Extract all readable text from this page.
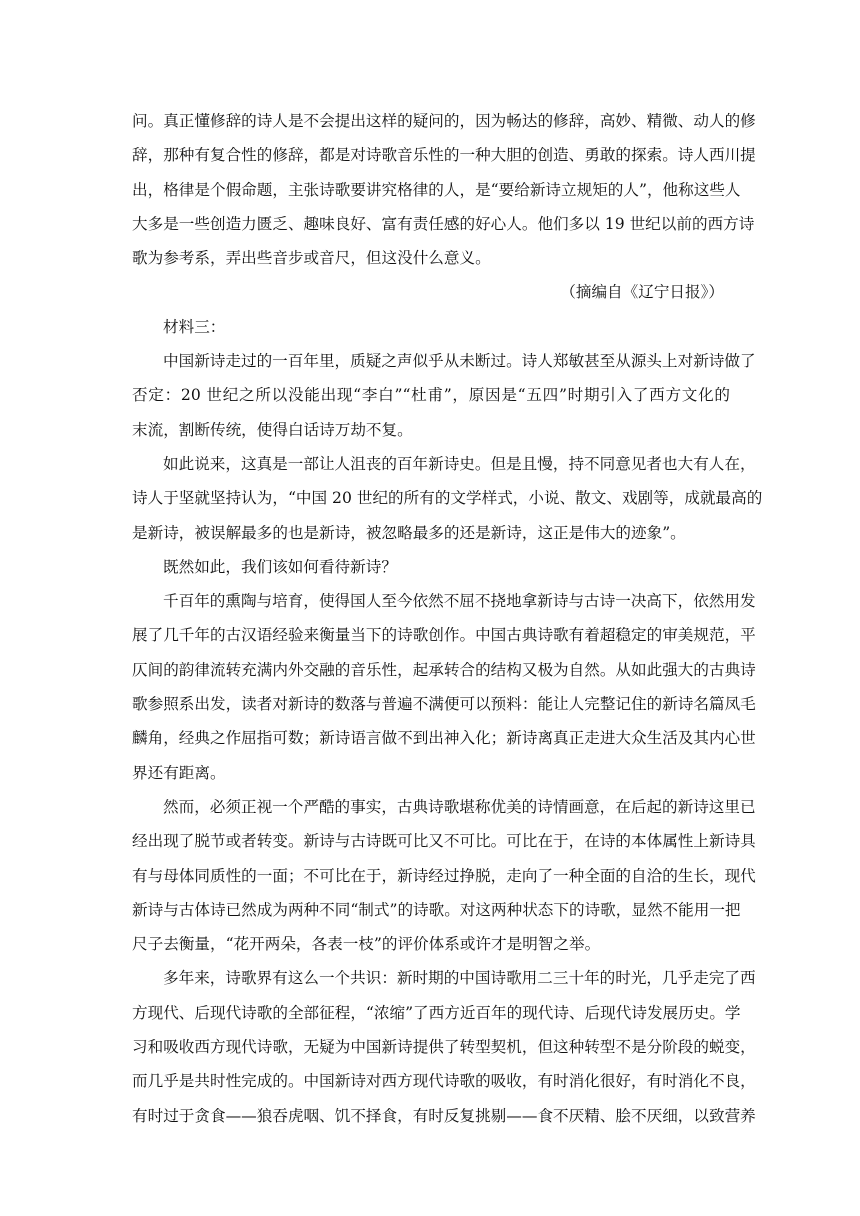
问。真正懂修辞的诗人是不会提出这样的疑问的，因为畅达的修辞，高妙、精微、动人的修
辞，那种有复合性的修辞，都是对诗歌音乐性的一种大胆的创造、勇敢的探索。诗人西川提
出，格律是个假命题，主张诗歌要讲究格律的人，是“要给新诗立规矩的人”，他称这些人
大多是一些创造力匮乏、趣味良好、富有责任感的好心人。他们多以 19 世纪以前的西方诗
歌为参考系，弄出些音步或音尺，但这没什么意义。
（摘编自《辽宁日报》）
材料三：
中国新诗走过的一百年里，质疑之声似乎从未断过。诗人郑敏甚至从源头上对新诗做了
否定：20 世纪之所以没能出现“李白”“杜甫”，原因是“五四”时期引入了西方文化的
末流，割断传统，使得白话诗万劫不复。
如此说来，这真是一部让人沮丧的百年新诗史。但是且慢，持不同意见者也大有人在，
诗人于坚就坚持认为，“中国 20 世纪的所有的文学样式，小说、散文、戏剧等，成就最高的
是新诗，被误解最多的也是新诗，被忽略最多的还是新诗，这正是伟大的迹象”。
既然如此，我们该如何看待新诗？
千百年的熏陶与培育，使得国人至今依然不屈不挠地拿新诗与古诗一决高下，依然用发
展了几千年的古汉语经验来衡量当下的诗歌创作。中国古典诗歌有着超稳定的审美规范，平
仄间的韵律流转充满内外交融的音乐性，起承转合的结构又极为自然。从如此强大的古典诗
歌参照系出发，读者对新诗的数落与普遍不满便可以预料：能让人完整记住的新诗名篇凤毛
麟角，经典之作屈指可数；新诗语言做不到出神入化；新诗离真正走进大众生活及其内心世
界还有距离。
然而，必须正视一个严酷的事实，古典诗歌堪称优美的诗情画意，在后起的新诗这里已
经出现了脱节或者转变。新诗与古诗既可比又不可比。可比在于，在诗的本体属性上新诗具
有与母体同质性的一面；不可比在于，新诗经过挣脱，走向了一种全面的自洽的生长，现代
新诗与古体诗已然成为两种不同“制式”的诗歌。对这两种状态下的诗歌，显然不能用一把
尺子去衡量，“花开两朵，各表一枝”的评价体系或许才是明智之举。
多年来，诗歌界有这么一个共识：新时期的中国诗歌用二三十年的时光，几乎走完了西
方现代、后现代诗歌的全部征程，“浓缩”了西方近百年的现代诗、后现代诗发展历史。学
习和吸收西方现代诗歌，无疑为中国新诗提供了转型契机，但这种转型不是分阶段的蜕变，
而几乎是共时性完成的。中国新诗对西方现代诗歌的吸收，有时消化很好，有时消化不良，
有时过于贪食——狼吞虎咽、饥不择食，有时反复挑剔——食不厌精、脍不厌细，以致营养
